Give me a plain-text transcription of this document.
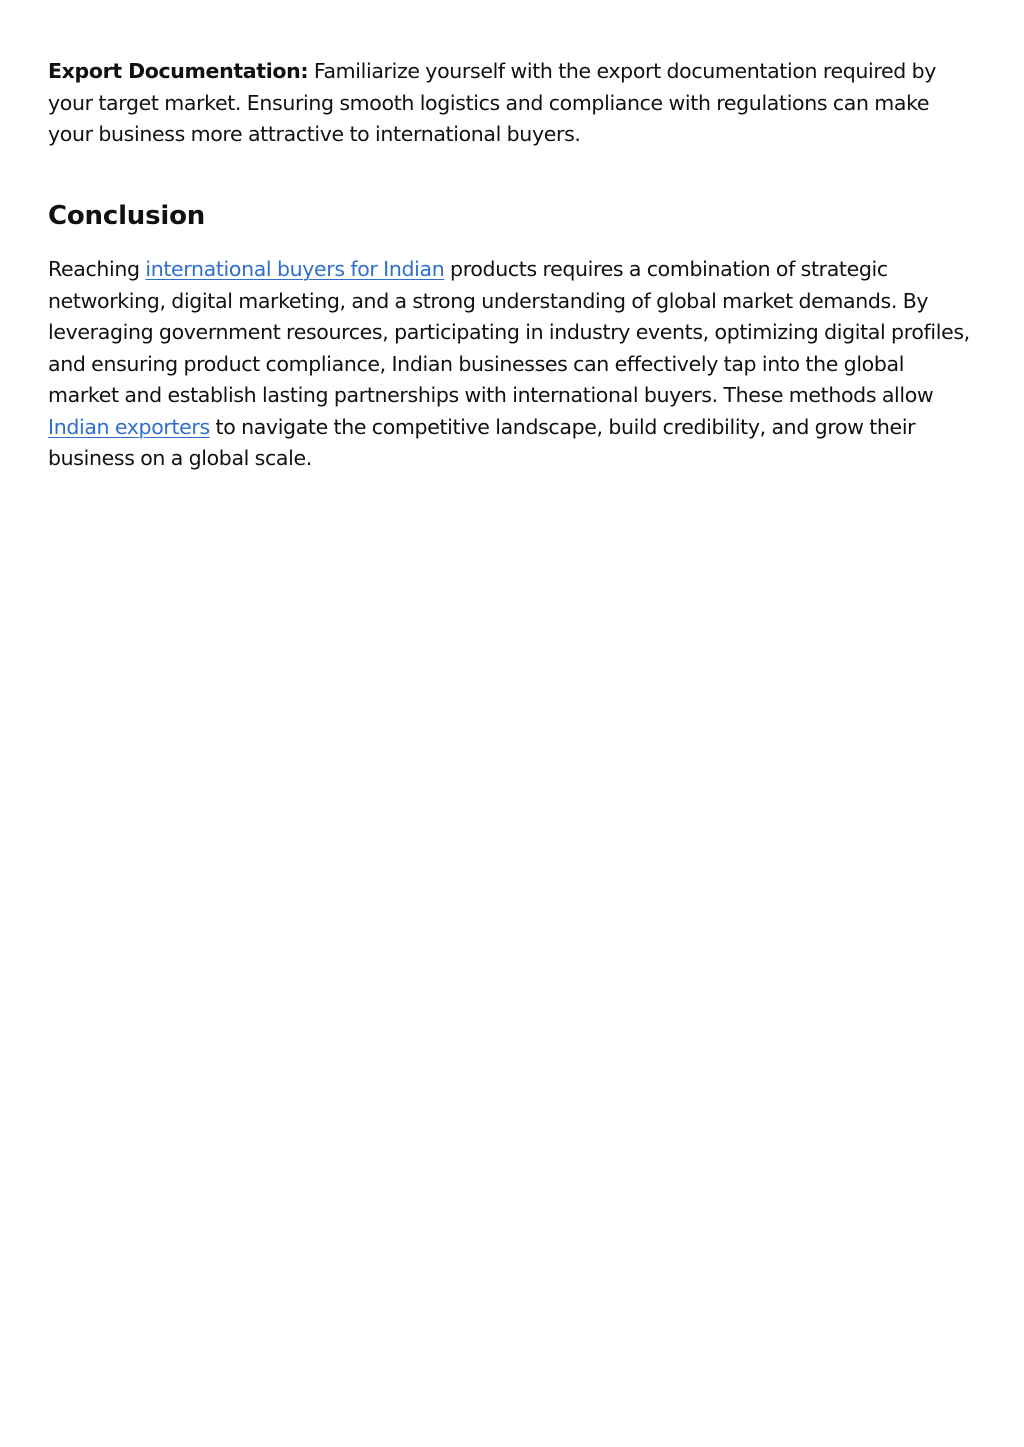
Export Documentation: Familiarize yourself with the export documentation required by your target market. Ensuring smooth logistics and compliance with regulations can make your business more attractive to international buyers.

Conclusion

Reaching international buyers for Indian products requires a combination of strategic networking, digital marketing, and a strong understanding of global market demands. By leveraging government resources, participating in industry events, optimizing digital profiles, and ensuring product compliance, Indian businesses can effectively tap into the global market and establish lasting partnerships with international buyers. These methods allow Indian exporters to navigate the competitive landscape, build credibility, and grow their business on a global scale.
